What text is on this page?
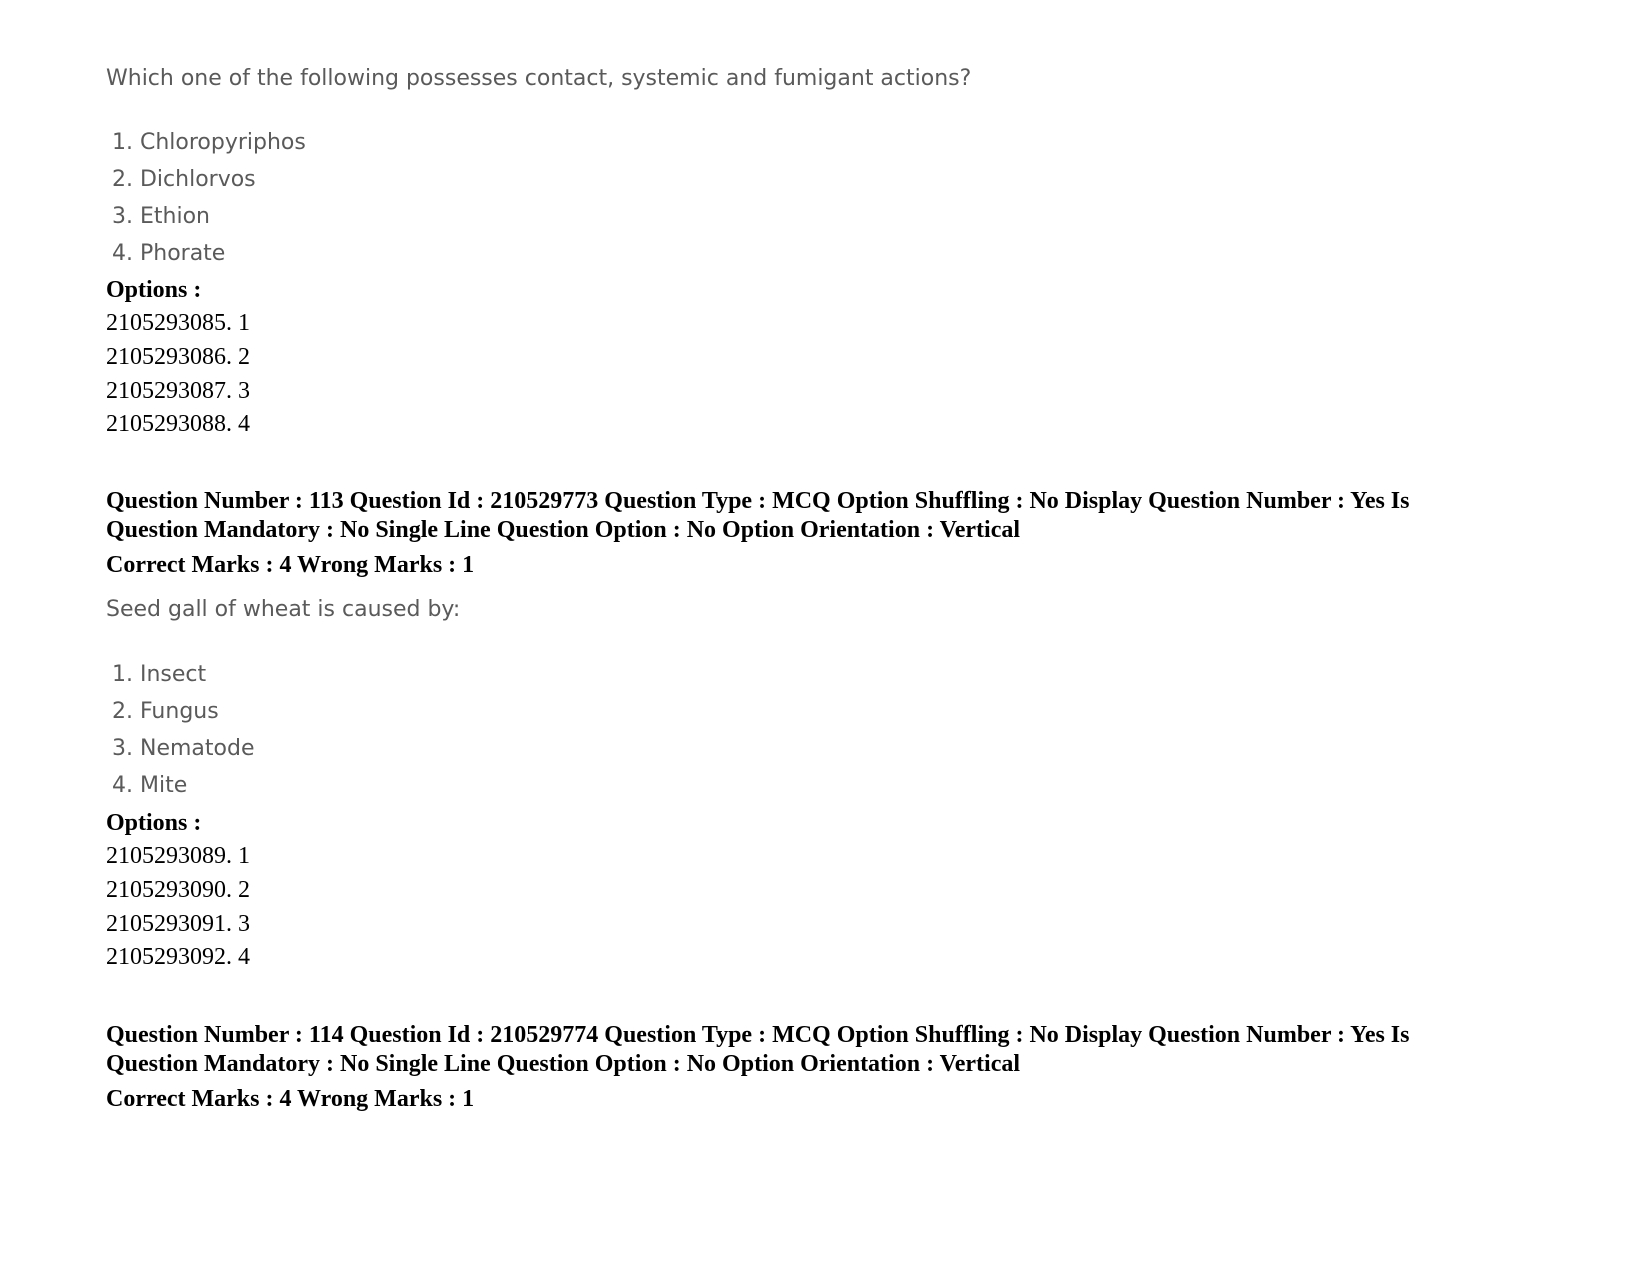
Which one of the following possesses contact, systemic and fumigant actions?
1. Chloropyriphos
2. Dichlorvos
3. Ethion
4. Phorate
Options :
2105293085. 1
2105293086. 2
2105293087. 3
2105293088. 4
Question Number : 113 Question Id : 210529773 Question Type : MCQ Option Shuffling : No Display Question Number : Yes Is
Question Mandatory : No Single Line Question Option : No Option Orientation : Vertical
Correct Marks : 4 Wrong Marks : 1
Seed gall of wheat is caused by:
1. Insect
2. Fungus
3. Nematode
4. Mite
Options :
2105293089. 1
2105293090. 2
2105293091. 3
2105293092. 4
Question Number : 114 Question Id : 210529774 Question Type : MCQ Option Shuffling : No Display Question Number : Yes Is
Question Mandatory : No Single Line Question Option : No Option Orientation : Vertical
Correct Marks : 4 Wrong Marks : 1
